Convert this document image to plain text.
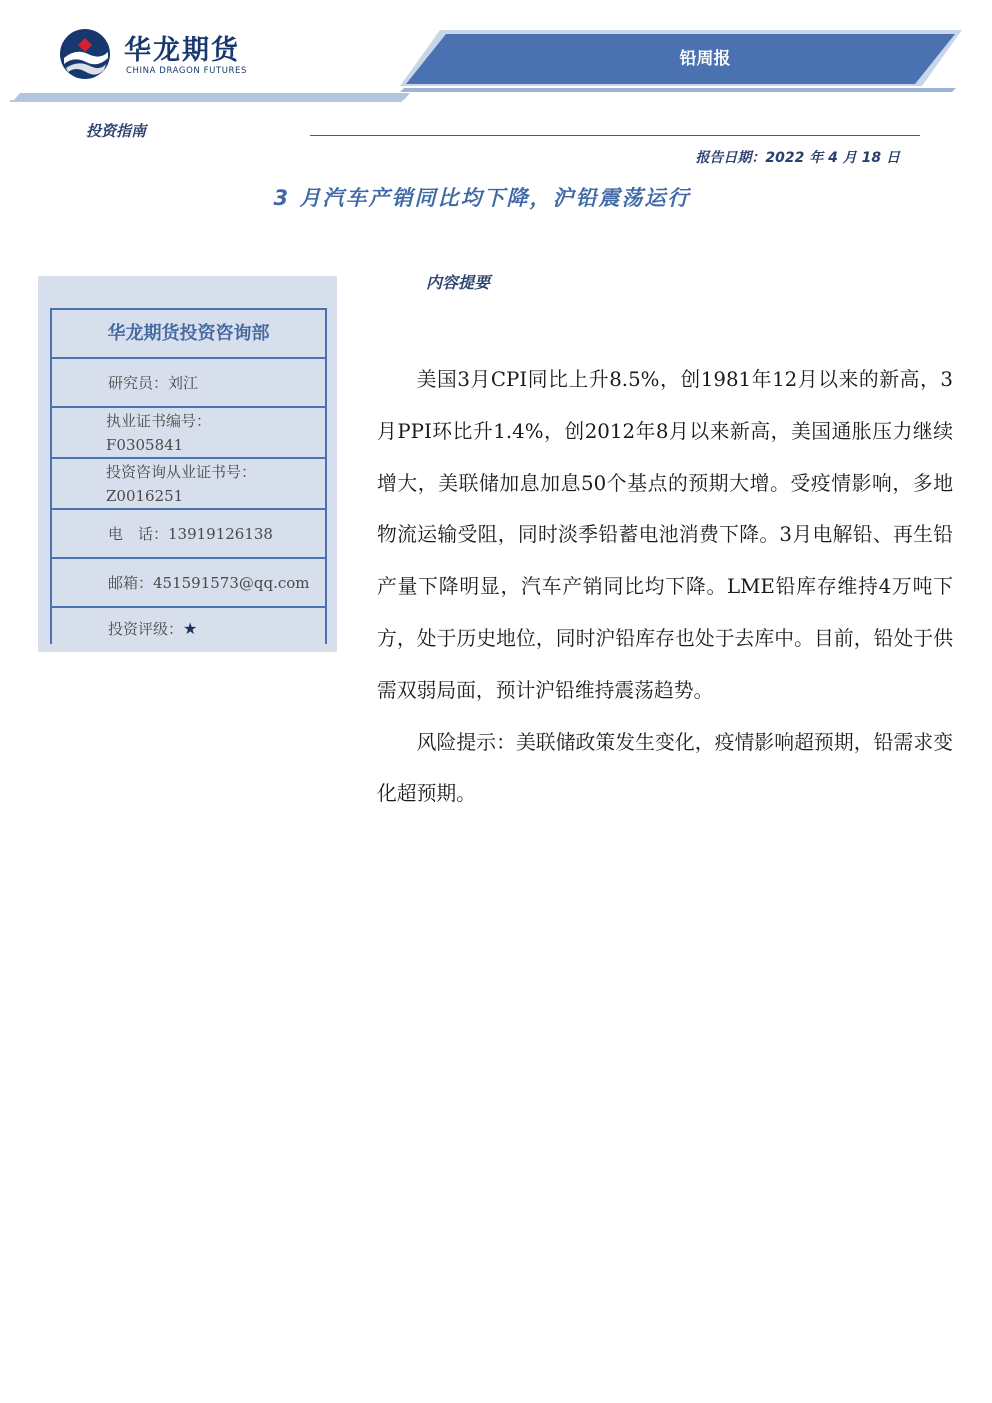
华龙期货
CHINA DRAGON FUTURES
铅周报
投资指南
报告日期：2022 年 4 月 18 日
3 月汽车产销同比均下降，沪铅震荡运行
华龙期货投资咨询部
研究员：刘江
执业证书编号：
F0305841
投资咨询从业证书号：
Z0016251
电　话：13919126138
邮箱：451591573@qq.com
投资评级：★
内容提要

美国3月CPI同比上升8.5%，创1981年12月以来的新高，3月PPI环比升1.4%，创2012年8月以来新高，美国通胀压力继续增大，美联储加息加息50个基点的预期大增。受疫情影响，多地物流运输受阻，同时淡季铅蓄电池消费下降。3月电解铅、再生铅产量下降明显，汽车产销同比均下降。LME铅库存维持4万吨下方，处于历史地位，同时沪铅库存也处于去库中。目前，铅处于供需双弱局面，预计沪铅维持震荡趋势。

风险提示：美联储政策发生变化，疫情影响超预期，铅需求变化超预期。
